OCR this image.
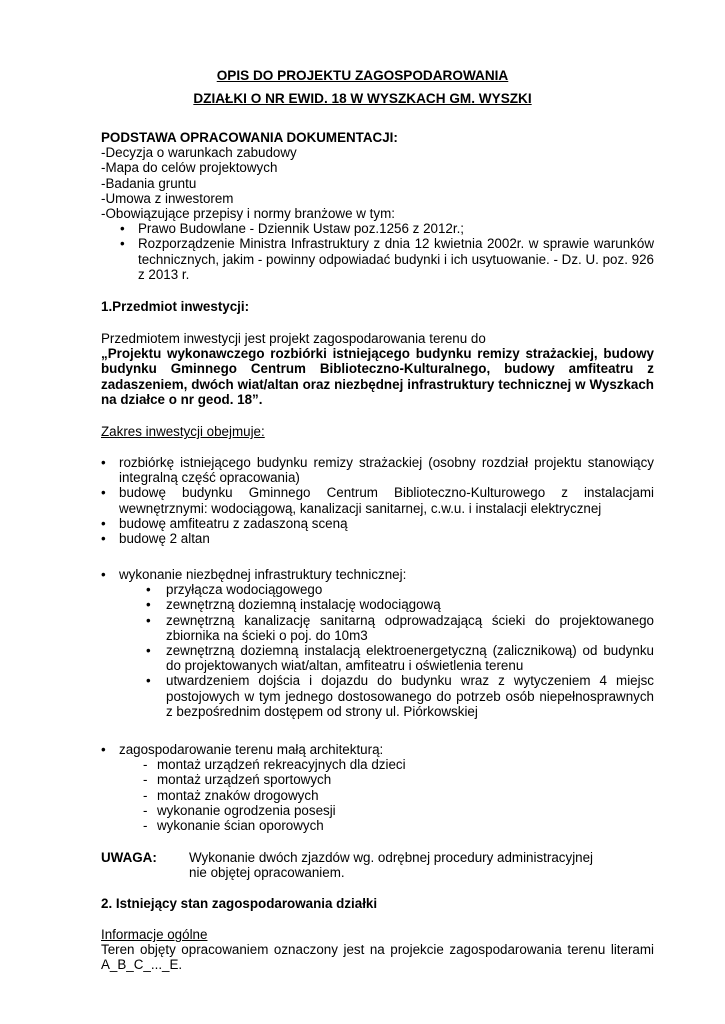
OPIS DO PROJEKTU ZAGOSPODAROWANIA
DZIAŁKI O NR EWID. 18 W WYSZKACH GM. WYSZKI

PODSTAWA OPRACOWANIA DOKUMENTACJI:

-Decyzja o warunkach zabudowy

-Mapa do celów projektowych

-Badania gruntu

-Umowa z inwestorem

-Obowiązujące przepisy i normy branżowe w tym:

• Prawo Budowlane - Dziennik Ustaw poz.1256 z 2012r.;
• Rozporządzenie Ministra Infrastruktury z dnia 12 kwietnia 2002r. w sprawie warunków technicznych, jakim - powinny odpowiadać budynki i ich usytuowanie. - Dz. U. poz. 926 z 2013 r.
1.Przedmiot inwestycji:

Przedmiotem inwestycji jest projekt zagospodarowania terenu do

„Projektu wykonawczego rozbiórki istniejącego budynku remizy strażackiej, budowy budynku Gminnego Centrum Biblioteczno-Kulturalnego, budowy amfiteatru z zadaszeniem, dwóch wiat/altan oraz niezbędnej infrastruktury technicznej w Wyszkach na działce o nr geod. 18”.

Zakres inwestycji obejmuje:
• rozbiórkę istniejącego budynku remizy strażackiej (osobny rozdział projektu stanowiący integralną część opracowania)
• budowę budynku Gminnego Centrum Biblioteczno-Kulturowego z instalacjami wewnętrznymi: wodociągową, kanalizacji sanitarnej, c.w.u. i instalacji elektrycznej
• budowę amfiteatru z zadaszoną sceną
• budowę 2 altan
• wykonanie niezbędnej infrastruktury technicznej:
• przyłącza wodociągowego
• zewnętrzną doziemną instalację wodociągową
• zewnętrzną kanalizację sanitarną odprowadzającą ścieki do projektowanego zbiornika na ścieki o poj. do 10m3
• zewnętrzną doziemną instalacją elektroenergetyczną (zalicznikową) od budynku do projektowanych wiat/altan, amfiteatru i oświetlenia terenu
• utwardzeniem dojścia i dojazdu do budynku wraz z wytyczeniem 4 miejsc postojowych w tym jednego dostosowanego do potrzeb osób niepełnosprawnych z bezpośrednim dostępem od strony ul. Piórkowskiej
• zagospodarowanie terenu małą architekturą:
- montaż urządzeń rekreacyjnych dla dzieci
- montaż urządzeń sportowych
- montaż znaków drogowych
- wykonanie ogrodzenia posesji
- wykonanie ścian oporowych
UWAGA:	Wykonanie dwóch zjazdów wg. odrębnej procedury administracyjnej

nie objętej opracowaniem.

2. Istniejący stan zagospodarowania działki
Informacje ogólne
Teren objęty opracowaniem oznaczony jest na projekcie zagospodarowania terenu literami A_B_C_..._E.
